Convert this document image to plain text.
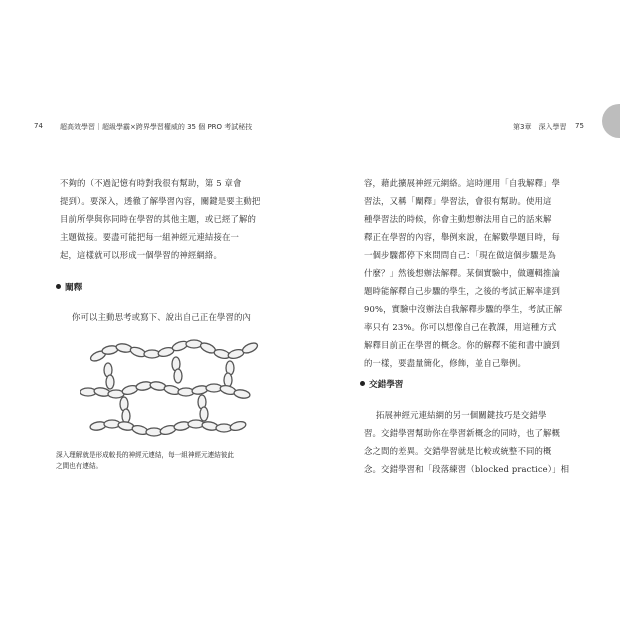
74 超高效學習｜超級學霸×跨界學習權威的 35 個 PRO 考試秘技	第3章　深入學習 75
不夠的（不過記憶有時對我很有幫助，第 5 章會
提到）。要深入，透徹了解學習內容，關鍵是要主動把
目前所學與你同時在學習的其他主題，或已經了解的
主題做接。要盡可能把每一組神經元連結接在一
起，這樣就可以形成一個學習的神經網絡。
闡釋
你可以主動思考或寫下、說出自己正在學習的內
深入理解就是形成較長的神經元連結，每一組神經元連結彼此
之間也有連結。
容，藉此擴展神經元網絡。這時運用「自我解釋」學
習法，又稱「闡釋」學習法，會很有幫助。使用這
種學習法的時候，你會主動想辦法用自己的話來解
釋正在學習的內容，舉例來說，在解數學題目時，每
一個步驟都停下來問問自己：「現在做這個步驟是為
什麼？」然後想辦法解釋。某個實驗中，做邏輯推論
題時能解釋自己步驟的學生，之後的考試正解率達到
90%，實驗中沒辦法自我解釋步驟的學生，考試正解
率只有 23%。你可以想像自己在教課，用這種方式
解釋目前正在學習的概念。你的解釋不能和書中讀到
的一樣，要盡量簡化，修飾，並自己舉例。
交錯學習
拓展神經元連結網的另一個關鍵技巧是交錯學
習。交錯學習幫助你在學習新概念的同時，也了解概
念之間的差異。交錯學習就是比較或統整不同的概
念。交錯學習和「段落練習（blocked practice）」相
